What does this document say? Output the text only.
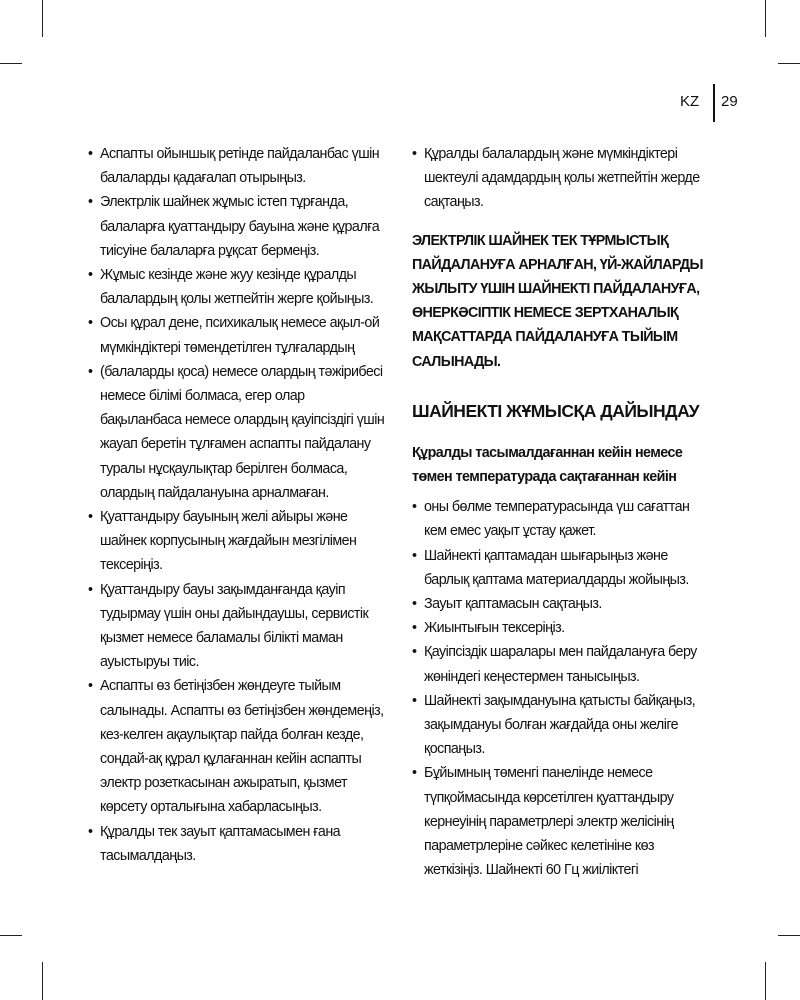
KZ 29
• Аспапты ойыншық ретінде пайдаланбас үшін балаларды қадағалап отырыңыз.
• Электрлік шайнек жұмыс істеп тұрғанда, балаларға қуаттандыру бауына және құралға тиісуіне балаларға рұқсат бермеңіз.
• Жұмыс кезінде және жуу кезінде құралды балалардың қолы жетпейтін жерге қойыңыз.
• Осы құрал дене, психикалық немесе ақыл-ой мүмкіндіктері төмендетілген тұлғалардың
• (балаларды қоса) немесе олардың тәжірибесі немесе білімі болмаса, егер олар бақыланбаса немесе олардың қауіпсіздігі үшін жауап беретін тұлғамен аспапты пайдалану туралы нұсқаулықтар берілген болмаса, олардың пайдалануына арналмаған.
• Қуаттандыру бауының желі айыры және шайнек корпусының жағдайын мезгілімен тексеріңіз.
• Қуаттандыру бауы зақымданғанда қауіп тудырмау үшін оны дайындаушы, сервистік қызмет немесе баламалы білікті маман ауыстыруы тиіс.
• Аспапты өз бетіңізбен жөндеуге тыйым салынады. Аспапты өз бетіңізбен жөндемеңіз, кез-келген ақаулықтар пайда болған кезде, сондай-ақ құрал құлағаннан кейін аспапты электр розеткасынан ажыратып, қызмет көрсету орталығына хабарласыңыз.
• Құралды тек зауыт қаптамасымен ғана тасымалдаңыз.
• Құралды балалардың және мүмкіндіктері шектеулі адамдардың қолы жетпейтін жерде сақтаңыз.
ЭЛЕКТРЛІК ШАЙНЕК ТЕК ТҰРМЫСТЫҚ ПАЙДАЛАНУҒА АРНАЛҒАН, ҮЙ-ЖАЙЛАРДЫ ЖЫЛЫТУ ҮШІН ШАЙНЕКТІ ПАЙДАЛАНУҒА, ӨНЕРКӘСІПТІК НЕМЕСЕ ЗЕРТХАНАЛЫҚ МАҚСАТТАРДА ПАЙДАЛАНУҒА ТЫЙЫМ САЛЫНАДЫ.
ШАЙНЕКТІ ЖҰМЫСҚА ДАЙЫНДАУ
Құралды тасымалдағаннан кейін немесе төмен температурада сақтағаннан кейін
• оны бөлме температурасында үш сағаттан кем емес уақыт ұстау қажет.
• Шайнекті қаптамадан шығарыңыз және барлық қаптама материалдарды жойыңыз.
• Зауыт қаптамасын сақтаңыз.
• Жиынтығын тексеріңіз.
• Қауіпсіздік шаралары мен пайдалануға беру жөніндегі кеңестермен танысыңыз.
• Шайнекті зақымдануына қатысты байқаңыз, зақымдануы болған жағдайда оны желіге қоспаңыз.
• Бұйымның төменгі панелінде немесе түпқоймасында көрсетілген қуаттандыру кернеуінің параметрлері электр желісінің параметрлеріне сәйкес келетініне көз жеткізіңіз. Шайнекті 60 Гц жиіліктегі
